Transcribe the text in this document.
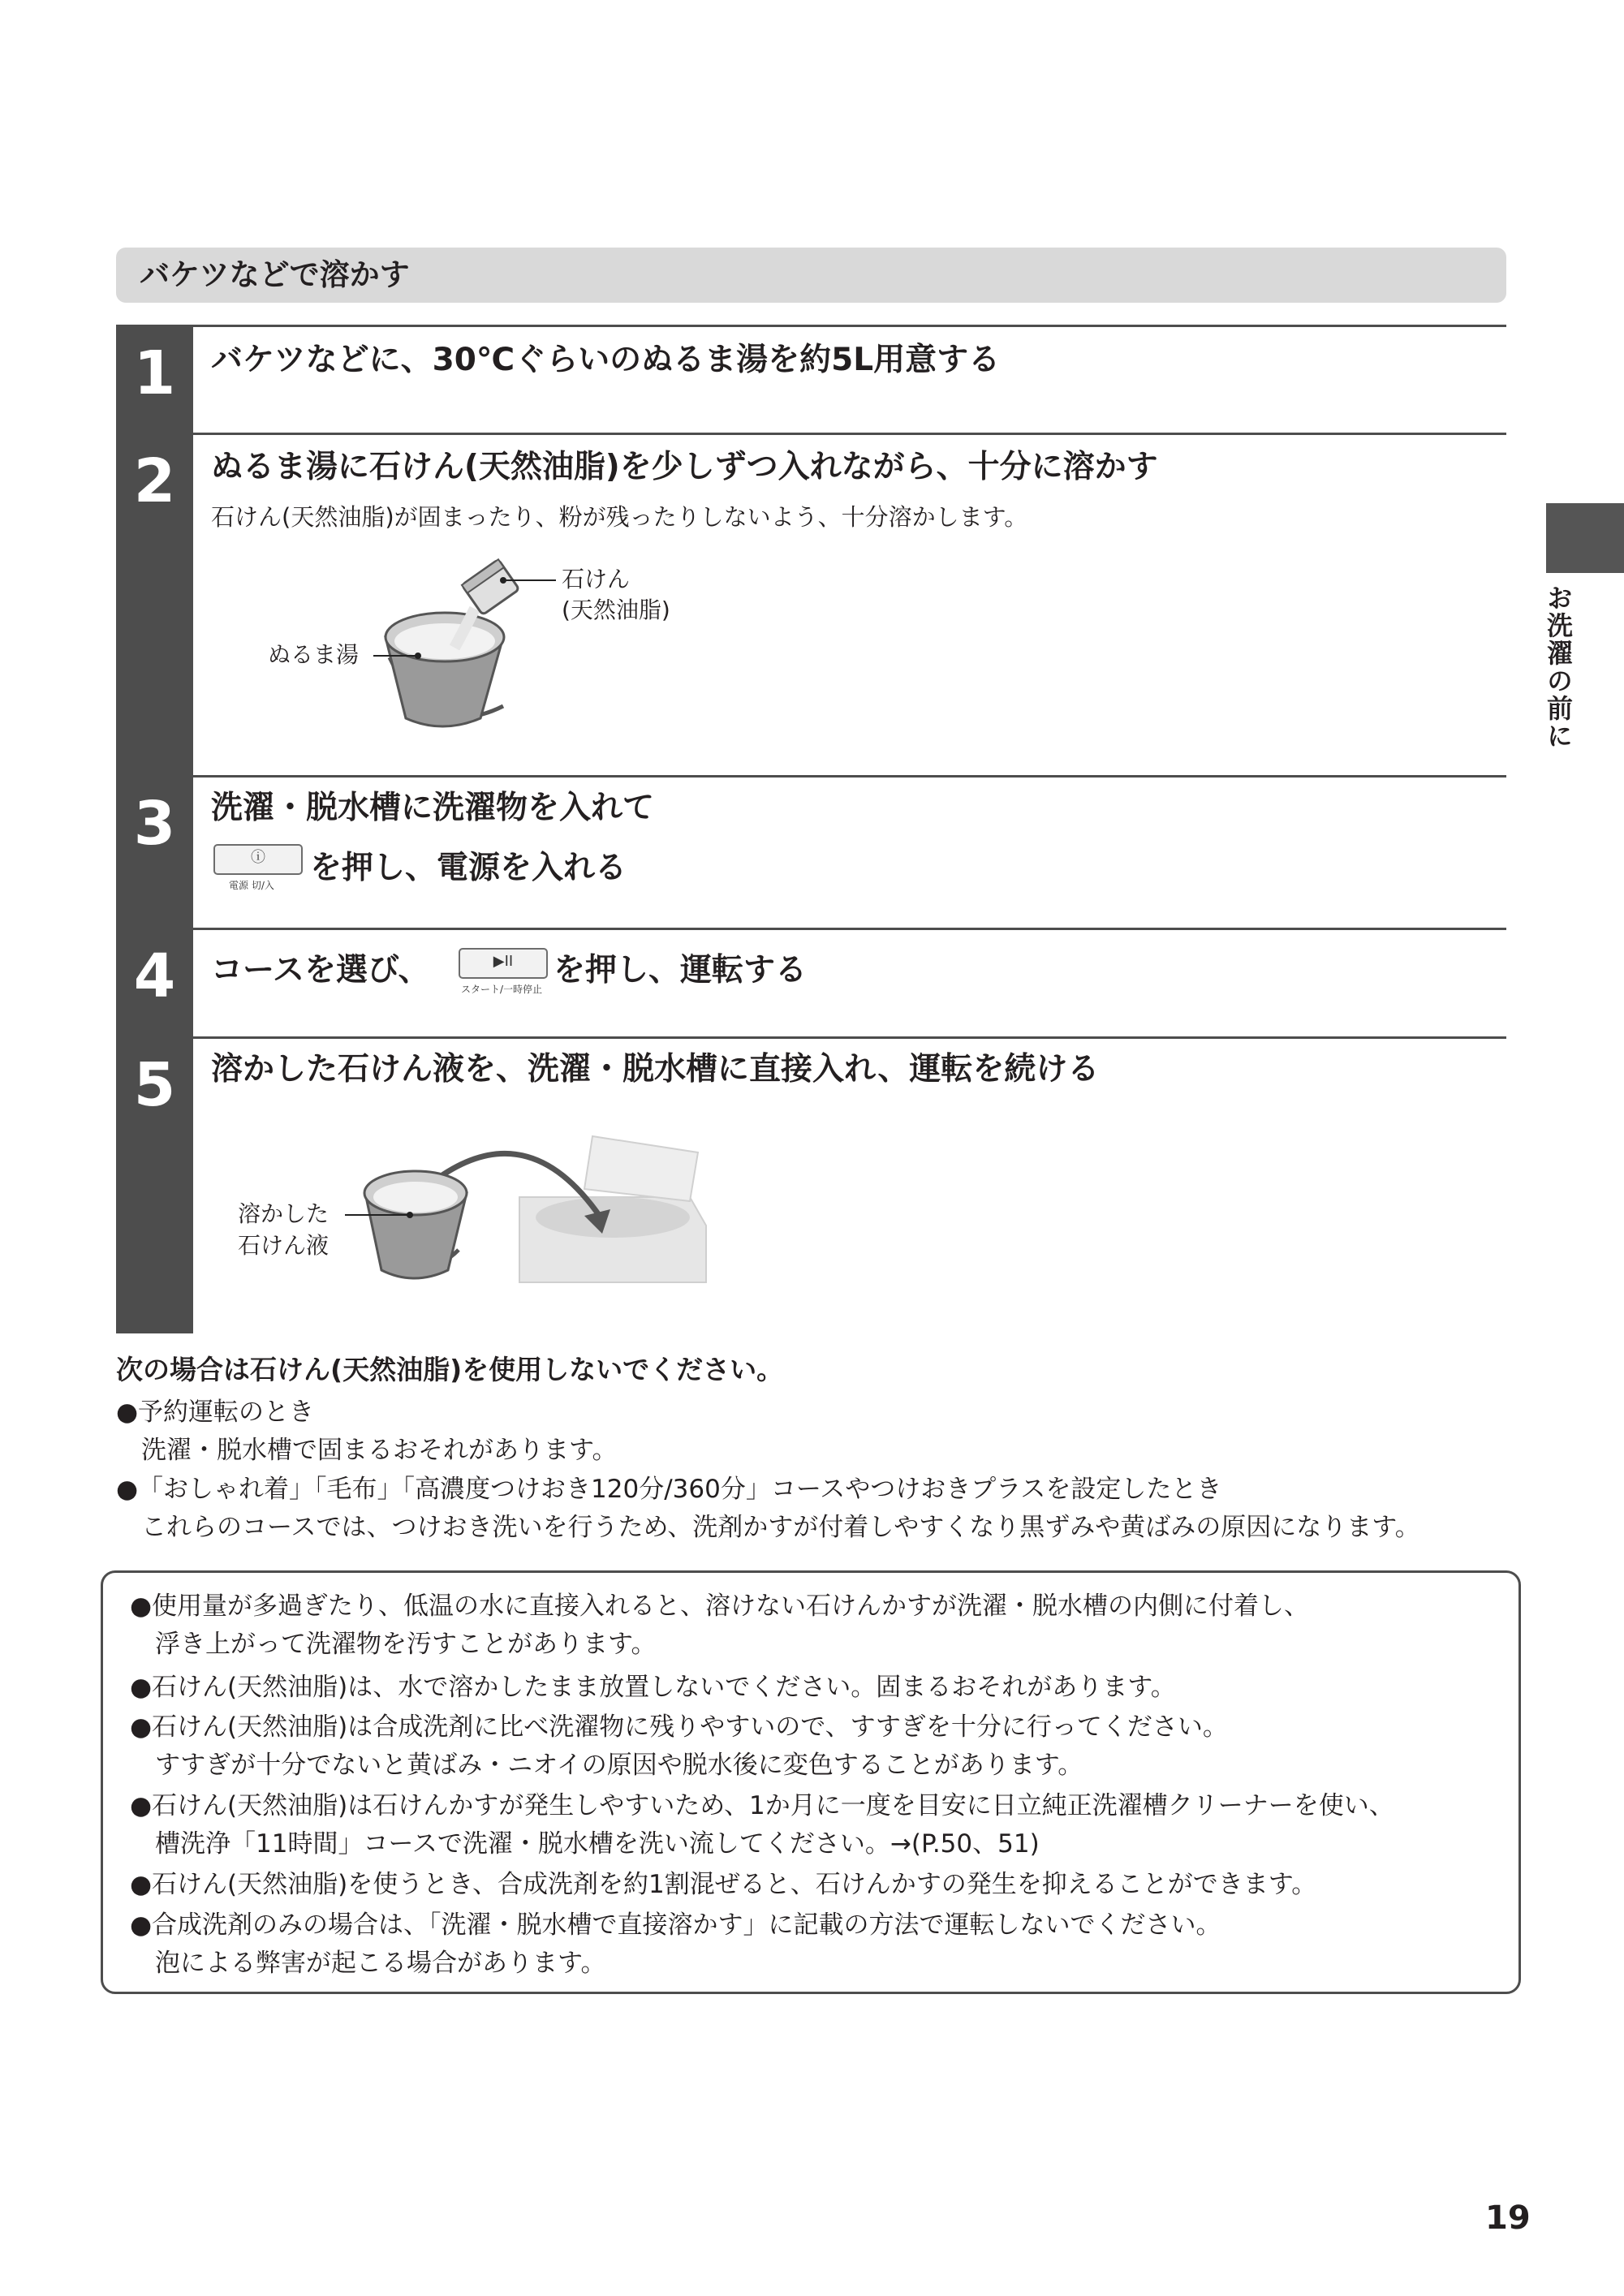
バケツなどで溶かす
1	バケツなどに、30℃ぐらいのぬるま湯を約5L用意する
2	ぬるま湯に石けん(天然油脂)を少しずつ入れながら、十分に溶かす
石けん(天然油脂)が固まったり、粉が残ったりしないよう、十分溶かします。
石けん
(天然油脂)
ぬるま湯
3	洗濯・脱水槽に洗濯物を入れて
ⓘ
電源 切/入 を押し、電源を入れる
4	コースを選び、	▶II
スタート/一時停止
を押し、運転する
5	溶かした石けん液を、洗濯・脱水槽に直接入れ、運転を続ける
溶かした
石けん液
お洗濯の前に
次の場合は石けん(天然油脂)を使用しないでください。
●予約運転のとき
　洗濯・脱水槽で固まるおそれがあります。
●「おしゃれ着」「毛布」「高濃度つけおき120分/360分」コースやつけおきプラスを設定したとき
　これらのコースでは、つけおき洗いを行うため、洗剤かすが付着しやすくなり黒ずみや黄ばみの原因になります。
●使用量が多過ぎたり、低温の水に直接入れると、溶けない石けんかすが洗濯・脱水槽の内側に付着し、
　浮き上がって洗濯物を汚すことがあります。
●石けん(天然油脂)は、水で溶かしたまま放置しないでください。固まるおそれがあります。
●石けん(天然油脂)は合成洗剤に比べ洗濯物に残りやすいので、すすぎを十分に行ってください。
　すすぎが十分でないと黄ばみ・ニオイの原因や脱水後に変色することがあります。
●石けん(天然油脂)は石けんかすが発生しやすいため、1か月に一度を目安に日立純正洗濯槽クリーナーを使い、
　槽洗浄「11時間」コースで洗濯・脱水槽を洗い流してください。→(P.50、51)
●石けん(天然油脂)を使うとき、合成洗剤を約1割混ぜると、石けんかすの発生を抑えることができます。
●合成洗剤のみの場合は、「洗濯・脱水槽で直接溶かす」に記載の方法で運転しないでください。
　泡による弊害が起こる場合があります。
19
